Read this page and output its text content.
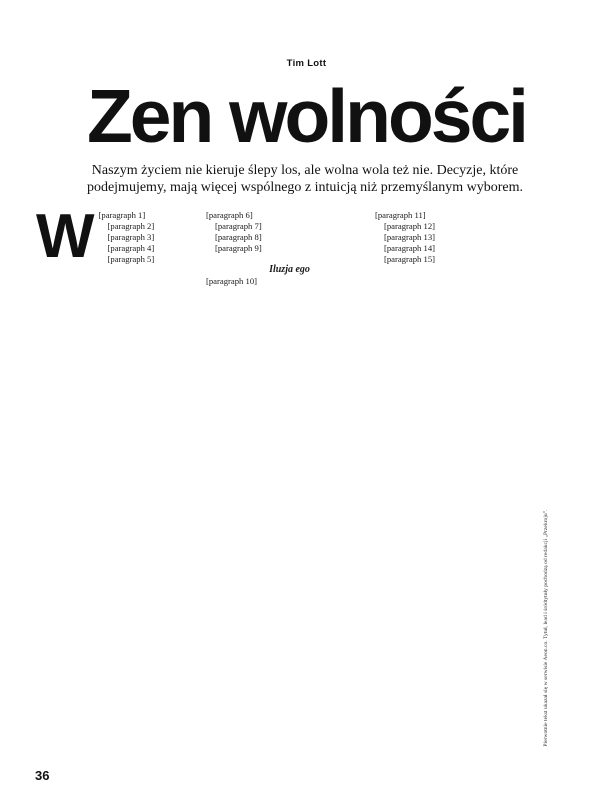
Tim Lott
Zen wolności
Naszym życiem nie kieruje ślepy los, ale wolna wola też nie. Decyzje, które podejmujemy, mają więcej wspólnego z intuicją niż przemyślanym wyborem.
W [paragraph 1]

[paragraph 2]

[paragraph 3]

[paragraph 4]

[paragraph 5]

[paragraph 6]

[paragraph 7]

[paragraph 8]

[paragraph 9]

Iluzja ego

[paragraph 10]

[paragraph 11]

[paragraph 12]

[paragraph 13]

[paragraph 14]

[paragraph 15]

Pierwotnie tekst ukazał się w serwisie Aeon.co. Tytuł, lead i śródtytuły pochodzą od redakcji „Przekroju”.
36
